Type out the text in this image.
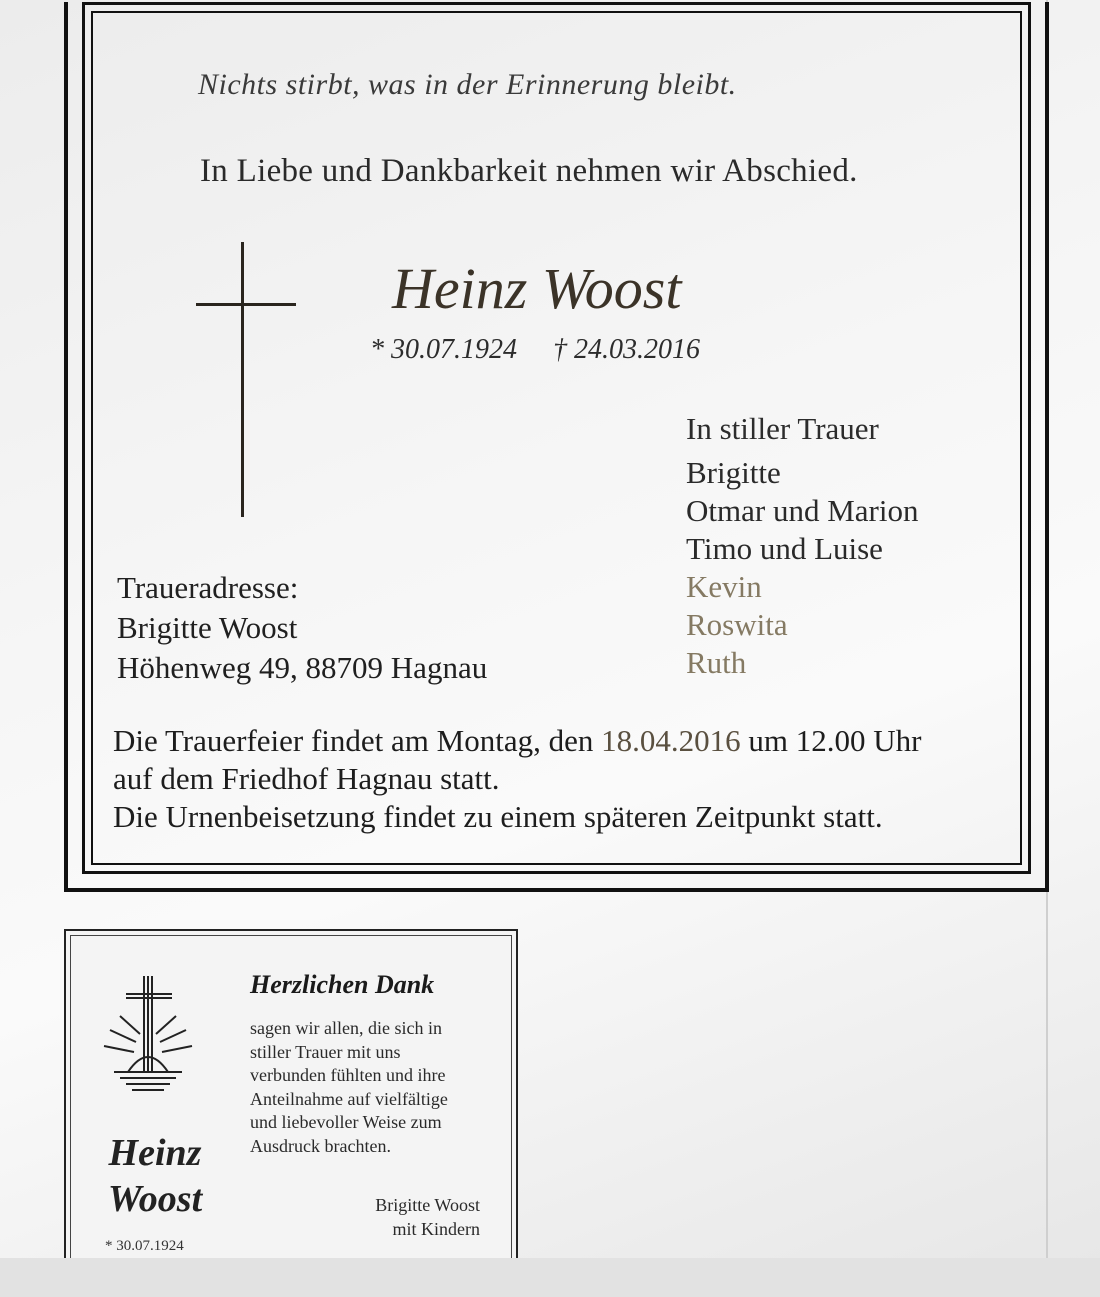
Nichts stirbt, was in der Erinnerung bleibt.
In Liebe und Dankbarkeit nehmen wir Abschied.
Heinz Woost
* 30.07.1924 † 24.03.2016
In stiller Trauer
Brigitte
Otmar und Marion
Timo und Luise
Kevin
Roswita
Ruth
Traueradresse:
Brigitte Woost
Höhenweg 49, 88709 Hagnau
Die Trauerfeier findet am Montag, den 18.04.2016 um 12.00 Uhr
auf dem Friedhof Hagnau statt.
Die Urnenbeisetzung findet zu einem späteren Zeitpunkt statt.
Herzlichen Dank
sagen wir allen, die sich in
stiller Trauer mit uns
verbunden fühlten und ihre
Anteilnahme auf vielfältige
und liebevoller Weise zum
Ausdruck brachten.
Brigitte Woost
mit Kindern
Heinz
Woost
* 30.07.1924
